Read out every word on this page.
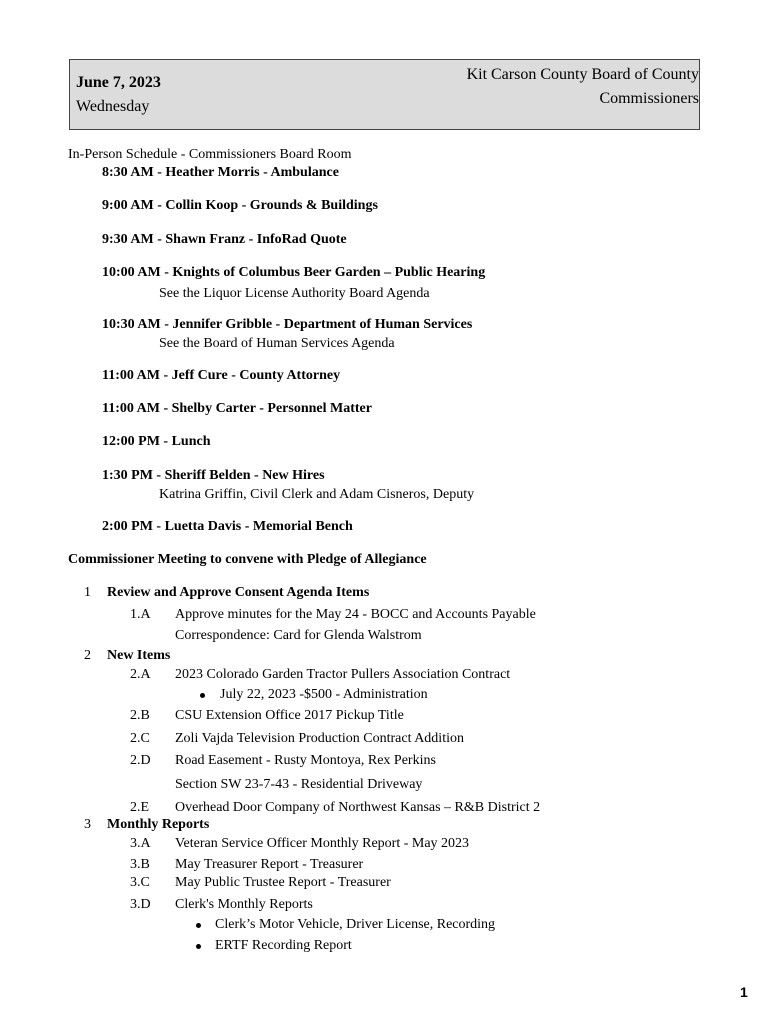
June 7, 2023
Wednesday
Kit Carson County Board of County
Commissioners
In-Person Schedule - Commissioners Board Room
8:30 AM - Heather Morris - Ambulance
9:00 AM - Collin Koop - Grounds & Buildings
9:30 AM - Shawn Franz - InfoRad Quote
10:00 AM - Knights of Columbus Beer Garden – Public Hearing
See the Liquor License Authority Board Agenda
10:30 AM - Jennifer Gribble - Department of Human Services
See the Board of Human Services Agenda
11:00 AM - Jeff Cure - County Attorney
11:00 AM - Shelby Carter - Personnel Matter
12:00 PM - Lunch
1:30 PM - Sheriff Belden - New Hires
Katrina Griffin, Civil Clerk and Adam Cisneros, Deputy
2:00 PM - Luetta Davis - Memorial Bench
Commissioner Meeting to convene with Pledge of Allegiance
1 Review and Approve Consent Agenda Items
1.A Approve minutes for the May 24 - BOCC and Accounts Payable
Correspondence: Card for Glenda Walstrom
2 New Items
2.A 2023 Colorado Garden Tractor Pullers Association Contract
July 22, 2023 -$500 - Administration
2.B CSU Extension Office 2017 Pickup Title
2.C Zoli Vajda Television Production Contract Addition
2.D Road Easement - Rusty Montoya, Rex Perkins
Section SW 23-7-43 - Residential Driveway
2.E Overhead Door Company of Northwest Kansas – R&B District 2
3 Monthly Reports
3.A Veteran Service Officer Monthly Report - May 2023
3.B May Treasurer Report - Treasurer
3.C May Public Trustee Report - Treasurer
3.D Clerk's Monthly Reports
Clerk’s Motor Vehicle, Driver License, Recording
ERTF Recording Report
1
